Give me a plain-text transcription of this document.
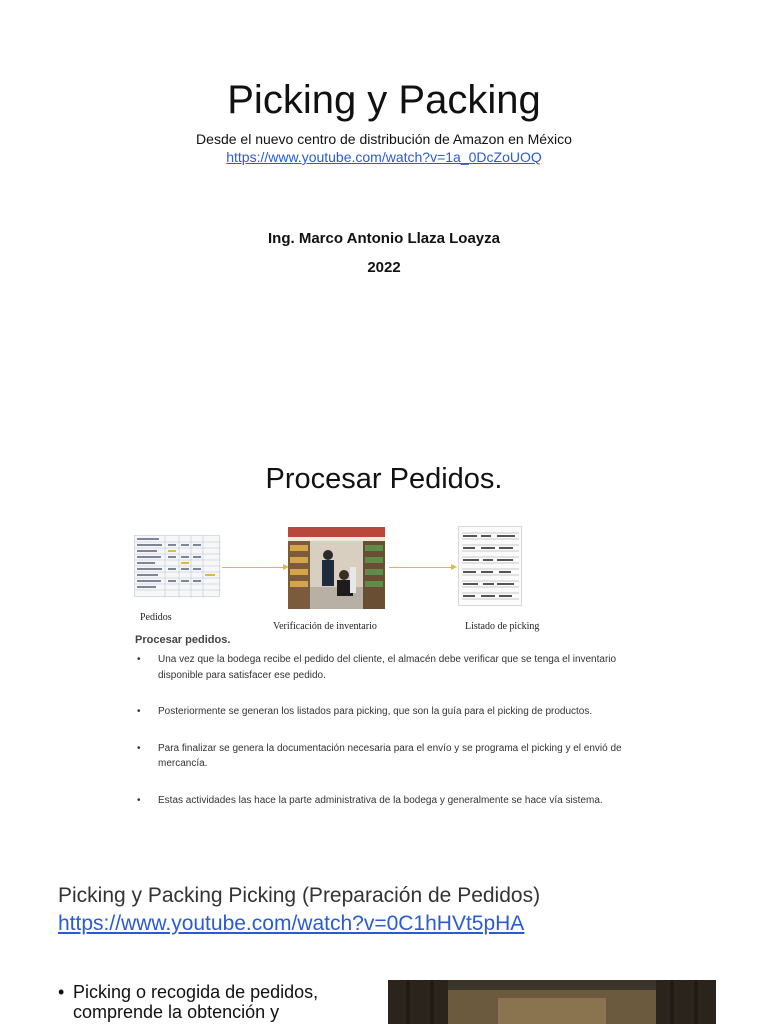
Picking y Packing
Desde el nuevo centro de distribución de Amazon en México
https://www.youtube.com/watch?v=1a_0DcZoUOQ
Ing. Marco Antonio Llaza Loayza
2022
Procesar Pedidos.
Pedidos
Verificación de inventario	Listado de picking
Procesar pedidos.
• Una vez que la bodega recibe el pedido del cliente, el almacén debe verificar que se tenga el inventario disponible para satisfacer ese pedido.
• Posteriormente se generan los listados para picking, que son la guía para el picking de productos.
• Para finalizar se genera la documentación necesaria para el envío y se programa el picking y el envió de mercancía.
• Estas actividades las hace la parte administrativa de la bodega y generalmente se hace vía sistema.
Picking y Packing Picking (Preparación de Pedidos)
https://www.youtube.com/watch?v=0C1hHVt5pHA
• Picking o recogida de pedidos, comprende la obtención y
